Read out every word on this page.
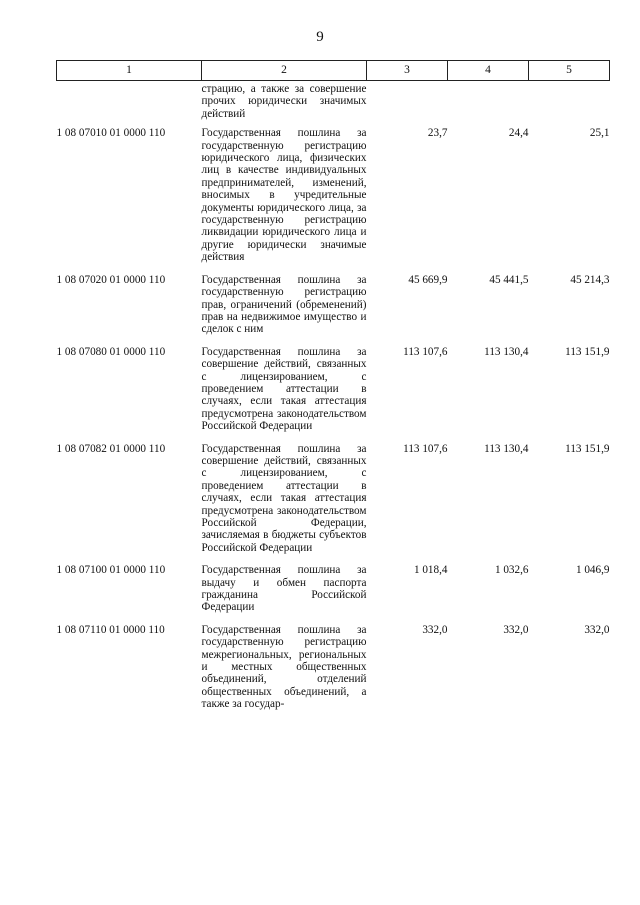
9
1	2	3	4	5
	страцию, а также за совершение прочих юридически значимых действий			
1 08 07010 01 0000 110	Государственная пошлина за государственную регистрацию юридического лица, физических лиц в качестве индивидуальных предпринимателей, изменений, вносимых в учредительные документы юридического лица, за государственную регистрацию ликвидации юридического лица и другие юридически значимые действия	23,7	24,4	25,1
1 08 07020 01 0000 110	Государственная пошлина за государственную регистрацию прав, ограничений (обременений) прав на недвижимое имущество и сделок с ним	45 669,9	45 441,5	45 214,3
1 08 07080 01 0000 110	Государственная пошлина за совершение действий, связанных с лицензированием, с проведением аттестации в случаях, если такая аттестация предусмотрена законодательством Российской Федерации	113 107,6	113 130,4	113 151,9
1 08 07082 01 0000 110	Государственная пошлина за совершение действий, связанных с лицензированием, с проведением аттестации в случаях, если такая аттестация предусмотрена законодательством Российской Федерации, зачисляемая в бюджеты субъектов Российской Федерации	113 107,6	113 130,4	113 151,9
1 08 07100 01 0000 110	Государственная пошлина за выдачу и обмен паспорта гражданина Российской Федерации	1 018,4	1 032,6	1 046,9
1 08 07110 01 0000 110	Государственная пошлина за государственную регистрацию межрегиональных, региональных и местных общественных объединений, отделений общественных объединений, а также за государ-	332,0	332,0	332,0
